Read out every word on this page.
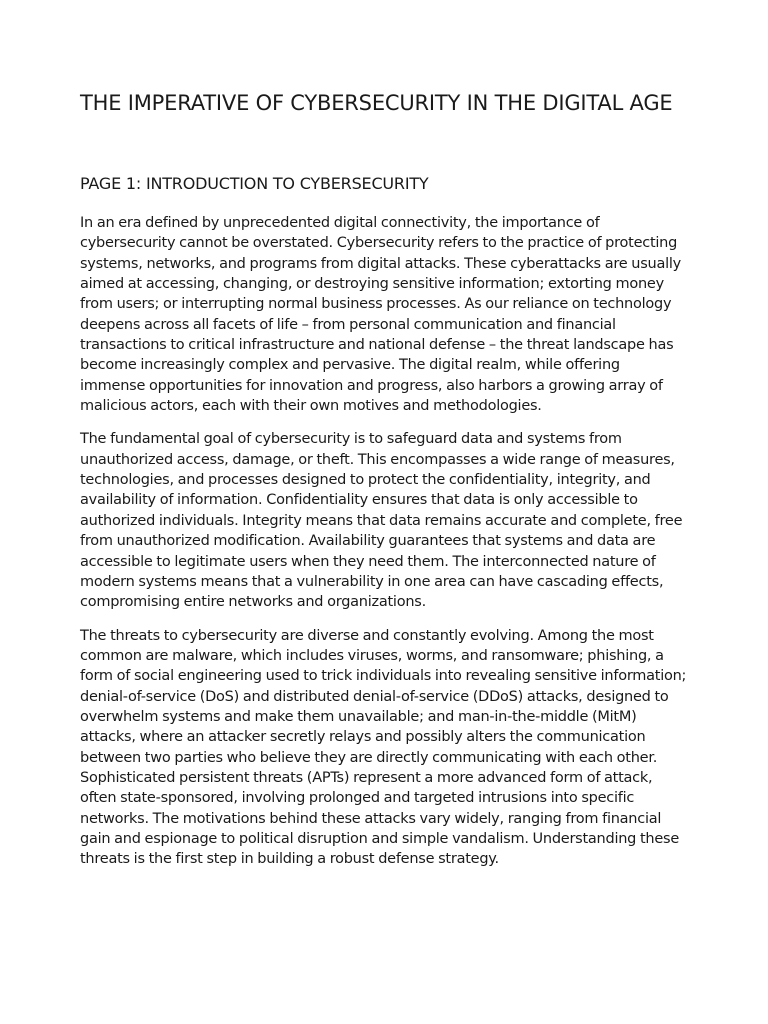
THE IMPERATIVE OF CYBERSECURITY IN THE DIGITAL AGE
PAGE 1: INTRODUCTION TO CYBERSECURITY

In an era defined by unprecedented digital connectivity, the importance of cybersecurity cannot be overstated. Cybersecurity refers to the practice of protecting systems, networks, and programs from digital attacks. These cyberattacks are usually aimed at accessing, changing, or destroying sensitive information; extorting money from users; or interrupting normal business processes. As our reliance on technology deepens across all facets of life – from personal communication and financial transactions to critical infrastructure and national defense – the threat landscape has become increasingly complex and pervasive. The digital realm, while offering immense opportunities for innovation and progress, also harbors a growing array of malicious actors, each with their own motives and methodologies.

The fundamental goal of cybersecurity is to safeguard data and systems from unauthorized access, damage, or theft. This encompasses a wide range of measures, technologies, and processes designed to protect the confidentiality, integrity, and availability of information. Confidentiality ensures that data is only accessible to authorized individuals. Integrity means that data remains accurate and complete, free from unauthorized modification. Availability guarantees that systems and data are accessible to legitimate users when they need them. The interconnected nature of modern systems means that a vulnerability in one area can have cascading effects, compromising entire networks and organizations.

The threats to cybersecurity are diverse and constantly evolving. Among the most common are malware, which includes viruses, worms, and ransomware; phishing, a form of social engineering used to trick individuals into revealing sensitive information; denial-of-service (DoS) and distributed denial-of-service (DDoS) attacks, designed to overwhelm systems and make them unavailable; and man-in-the-middle (MitM) attacks, where an attacker secretly relays and possibly alters the communication between two parties who believe they are directly communicating with each other. Sophisticated persistent threats (APTs) represent a more advanced form of attack, often state-sponsored, involving prolonged and targeted intrusions into specific networks. The motivations behind these attacks vary widely, ranging from financial gain and espionage to political disruption and simple vandalism. Understanding these threats is the first step in building a robust defense strategy.
